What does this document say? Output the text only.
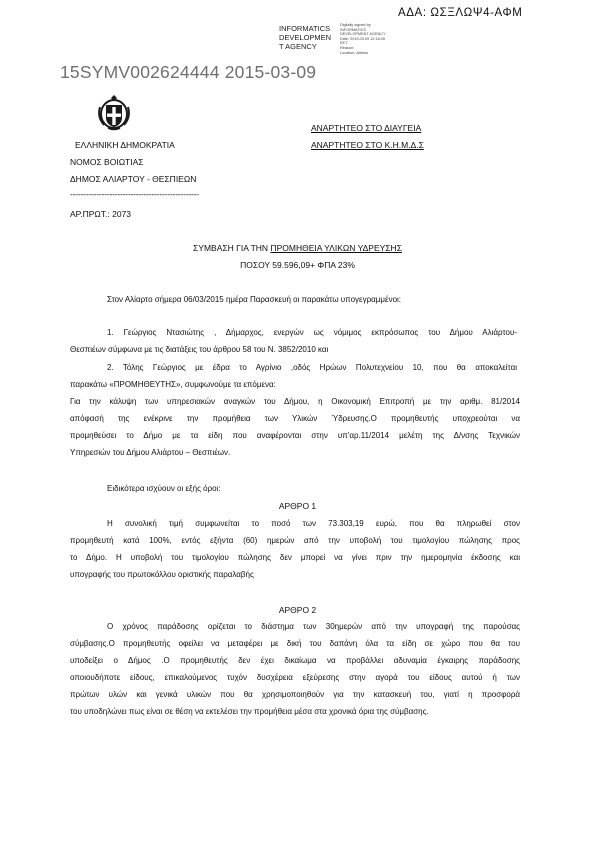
ΑΔΑ: ΩΣΞΛΩΨ4-ΑΦΜ
INFORMATICS
DEVELOPMEN
T AGENCY
Digitally signed by
INFORMATICS
DEVELOPMENT AGENCY
Date: 2015.03.09 12:16:45
EET
Reason:
Location: Athens
15SYMV002624444 2015-03-09
ΕΛΛΗΝΙΚΗ ΔΗΜΟΚΡΑΤΙΑ
ΝΟΜΟΣ ΒΟΙΩΤΙΑΣ
ΔΗΜΟΣ ΑΛΙΑΡΤΟΥ - ΘΕΣΠΙΕΩΝ
-------------------------------------------------
ΑΡ.ΠΡΩΤ.: 2073
ΑΝΑΡΤΗΤΕΟ ΣΤΟ ΔΙΑΥΓΕΙΑ
ΑΝΑΡΤΗΤΕΟ ΣΤΟ Κ.Η.Μ.Δ.Σ
ΣΥΜΒΑΣΗ ΓΙΑ ΤΗΝ ΠΡΟΜΗΘΕΙΑ ΥΛΙΚΩΝ ΥΔΡΕΥΣΗΣ
ΠΟΣΟΥ 59.596,09+ ΦΠΑ 23%
Στον Αλίαρτο σήμερα 06/03/2015 ημέρα Παρασκευή οι παρακάτω υπογεγραμμένοι:
1. Γεώργιος Ντασιώτης , Δήμαρχος, ενεργών ως νόμιμος εκπρόσωπος του Δήμου Αλιάρτου-
Θεσπιέων σύμφωνα με τις διατάξεις του άρθρου 58 του Ν. 3852/2010 και
2. Τόλης Γεώργιος με έδρα το Αγρίνιο ,οδός Ηρώων Πολυτεχνείου 10, που θα αποκαλείται
παρακάτω «ΠΡΟΜΗΘΕΥΤΗΣ», συμφωνούμε τα επόμενα:
Για την κάλυψη των υπηρεσιακών αναγκών του Δήμου, η Οικονομική Επιτροπή με την αριθμ. 81/2014
απόφασή της ενέκρινε την προμήθεια των Υλικών Ύδρευσης.Ο προμηθευτής υποχρεούται να
προμηθεύσει το Δήμο με τα είδη που αναφέρονται στην υπ'αρ.11/2014 μελέτη της Δ/νσης Τεχνικών
Υπηρεσιών του Δήμου Αλιάρτου – Θεσπιέων.
Ειδικότερα ισχύουν οι εξής όροι:
ΑΡΘΡΟ 1
Η συνολική τιμή συμφωνείται το ποσό των 73.303,19 ευρώ, που θα πληρωθεί στον
προμηθευτή κατά 100%, εντός εξήντα (60) ημερών από την υποβολή του τιμολογίου πώλησης προς
το Δήμο. Η υποβολή του τιμολογίου πώλησης δεν μπορεί να γίνει πριν την ημερομηνία έκδοσης και
υπογραφής του πρωτοκόλλου οριστικής παραλαβής
ΑΡΘΡΟ 2
Ο χρόνος παράδοσης ορίζεται το διάστημα των 30ημερών από την υπογραφή της παρούσας
σύμβασης.Ο προμηθευτής οφείλει να μεταφέρει με δική του δαπάνη όλα τα είδη σε χώρο που θα του
υποδείξει ο Δήμος .Ο προμηθευτής δεν έχει δικαίωμα να προβάλλει αδυναμία έγκαιρης παράδοσης
οποιουδήποτε είδους, επικαλούμενος τυχόν δυσχέρεια εξεύρεσης στην αγορά του είδους αυτού ή των
πρώτων υλών και γενικά υλικών που θα χρησιμοποιηθούν για την κατασκευή του, γιατί η προσφορά
του υποδηλώνει πως είναι σε θέση να εκτελέσει την προμήθεια μέσα στα χρονικά όρια της σύμβασης.
